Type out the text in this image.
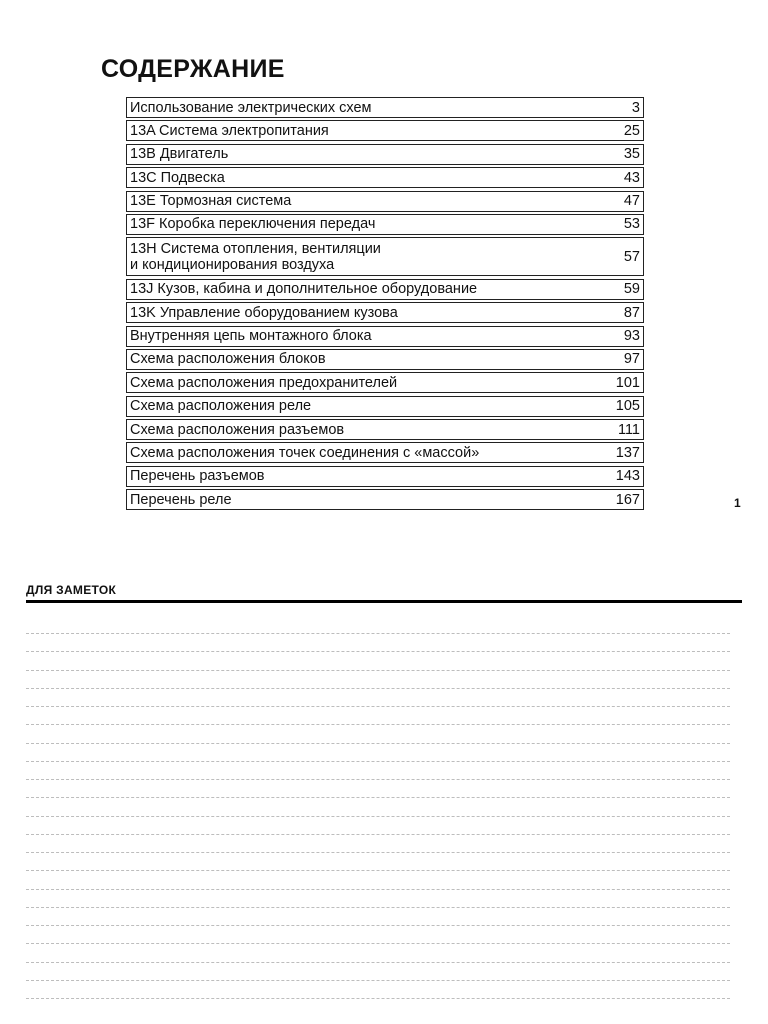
СОДЕРЖАНИЕ
Использование электрических схем	3
13A Система электропитания	25
13B Двигатель	35
13C Подвеска	43
13E Тормозная система	47
13F Коробка переключения передач	53
13H Система отопления, вентиляции
и кондиционирования воздуха	57
13J Кузов, кабина и дополнительное оборудование	59
13K Управление оборудованием кузова	87
Внутренняя цепь монтажного блока	93
Схема расположения блоков	97
Схема расположения предохранителей	101
Схема расположения реле	105
Схема расположения разъемов	111
Схема расположения точек соединения с «массой»	137
Перечень разъемов	143
Перечень реле	167	1
ДЛЯ ЗАМЕТОК
